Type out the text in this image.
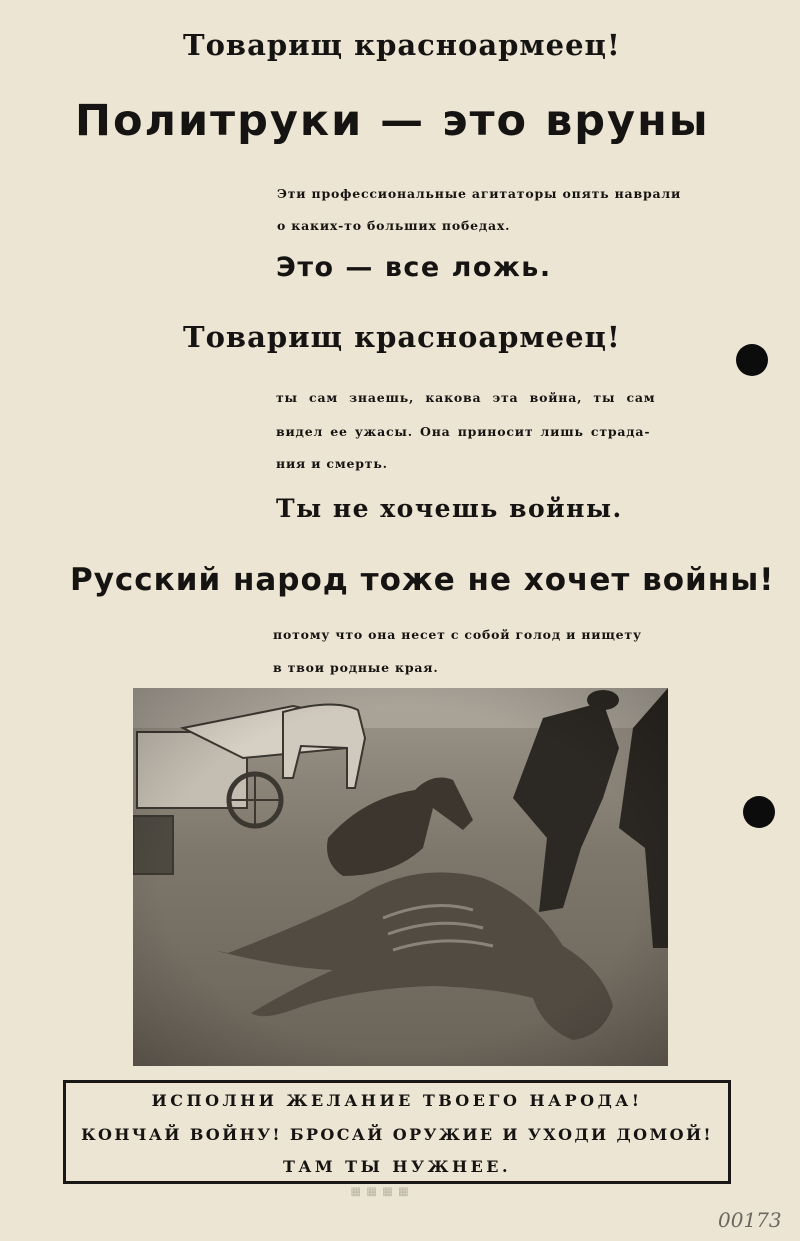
Товарищ красноармеец!
Политруки — это вруны
Эти профессиональные агитаторы опять наврали
о каких-то больших победах.
Это — все ложь.
Товарищ красноармеец!
ты сам знаешь, какова эта война, ты сам
видел ее ужасы. Она приносит лишь страда-
ния и смерть.
Ты не хочешь войны.
Русский народ тоже не хочет войны!
потому что она несет с собой голод и нищету
в твои родные края.
ИСПОЛНИ ЖЕЛАНИЕ ТВОЕГО НАРОДА!
КОНЧАЙ ВОЙНУ! БРОСАЙ ОРУЖИЕ И УХОДИ ДОМОЙ!
ТАМ ТЫ НУЖНЕЕ.
▦ ▦ ▦ ▦
00173
